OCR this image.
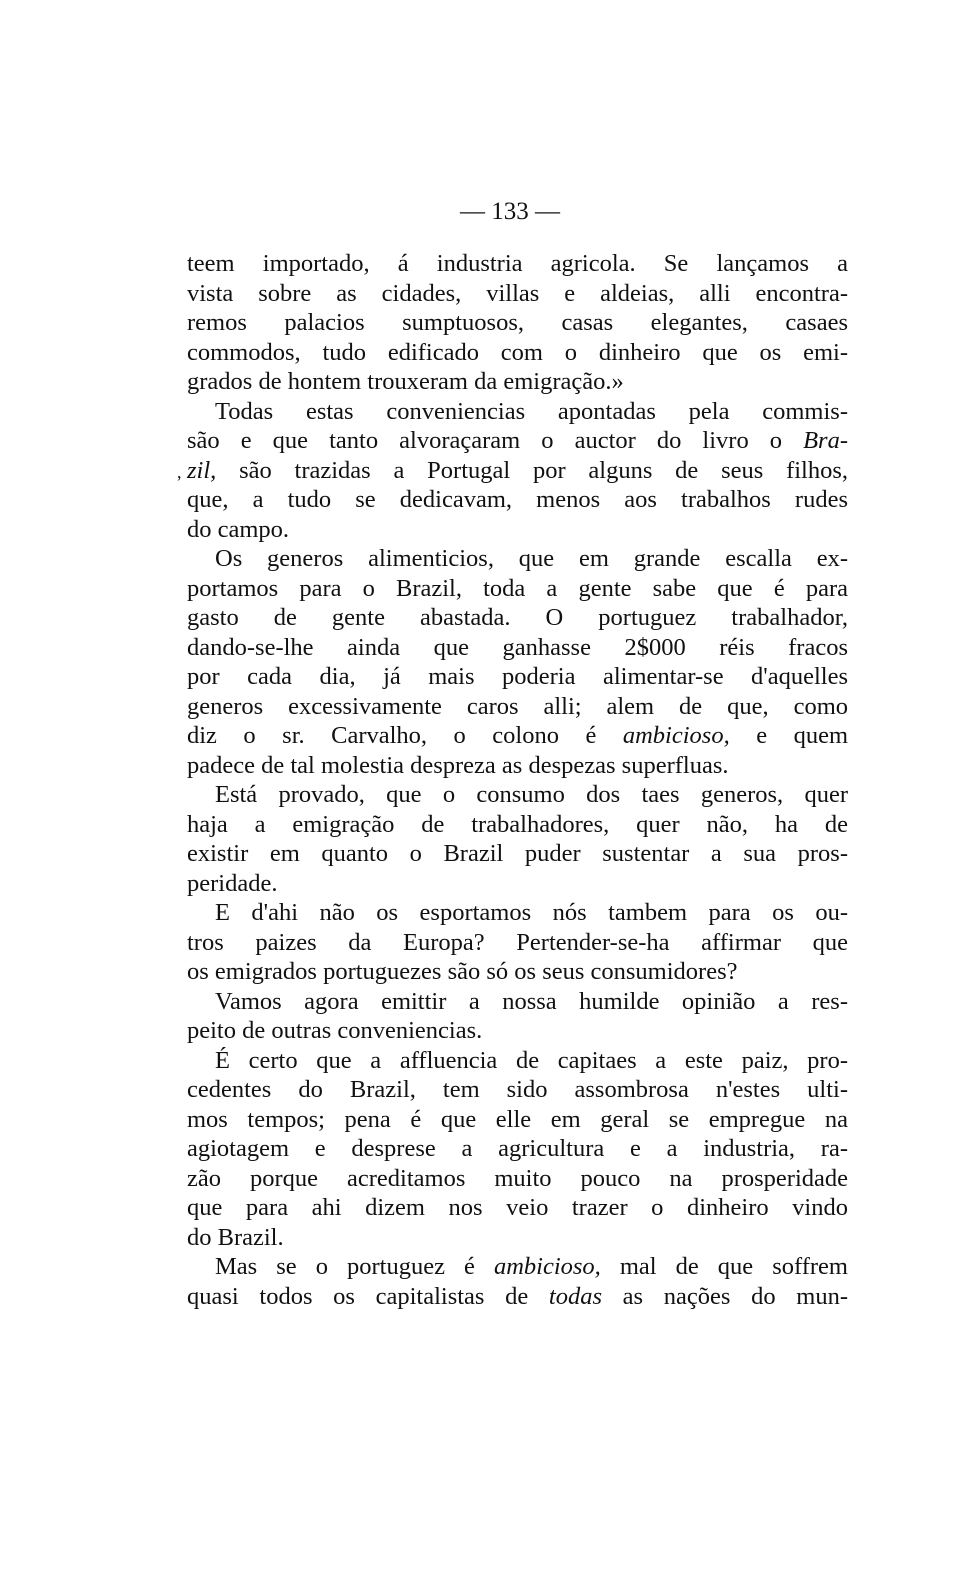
— 133 —
,
teem importado, á industria agricola. Se lançamos a
vista sobre as cidades, villas e aldeias, alli encontra-
remos palacios sumptuosos, casas elegantes, casaes
commodos, tudo edificado com o dinheiro que os emi-
grados de hontem trouxeram da emigração.»
Todas estas conveniencias apontadas pela commis-
são e que tanto alvoraçaram o auctor do livro o Bra-
zil, são trazidas a Portugal por alguns de seus filhos,
que, a tudo se dedicavam, menos aos trabalhos rudes
do campo.
Os generos alimenticios, que em grande escalla ex-
portamos para o Brazil, toda a gente sabe que é para
gasto de gente abastada. O portuguez trabalhador,
dando-se-lhe ainda que ganhasse 2$000 réis fracos
por cada dia, já mais poderia alimentar-se d'aquelles
generos excessivamente caros alli; alem de que, como
diz o sr. Carvalho, o colono é ambicioso, e quem
padece de tal molestia despreza as despezas superfluas.
Está provado, que o consumo dos taes generos, quer
haja a emigração de trabalhadores, quer não, ha de
existir em quanto o Brazil puder sustentar a sua pros-
peridade.
E d'ahi não os esportamos nós tambem para os ou-
tros paizes da Europa? Pertender-se-ha affirmar que
os emigrados portuguezes são só os seus consumidores?
Vamos agora emittir a nossa humilde opinião a res-
peito de outras conveniencias.
É certo que a affluencia de capitaes a este paiz, pro-
cedentes do Brazil, tem sido assombrosa n'estes ulti-
mos tempos; pena é que elle em geral se empregue na
agiotagem e desprese a agricultura e a industria, ra-
zão porque acreditamos muito pouco na prosperidade
que para ahi dizem nos veio trazer o dinheiro vindo
do Brazil.
Mas se o portuguez é ambicioso, mal de que soffrem
quasi todos os capitalistas de todas as nações do mun-
